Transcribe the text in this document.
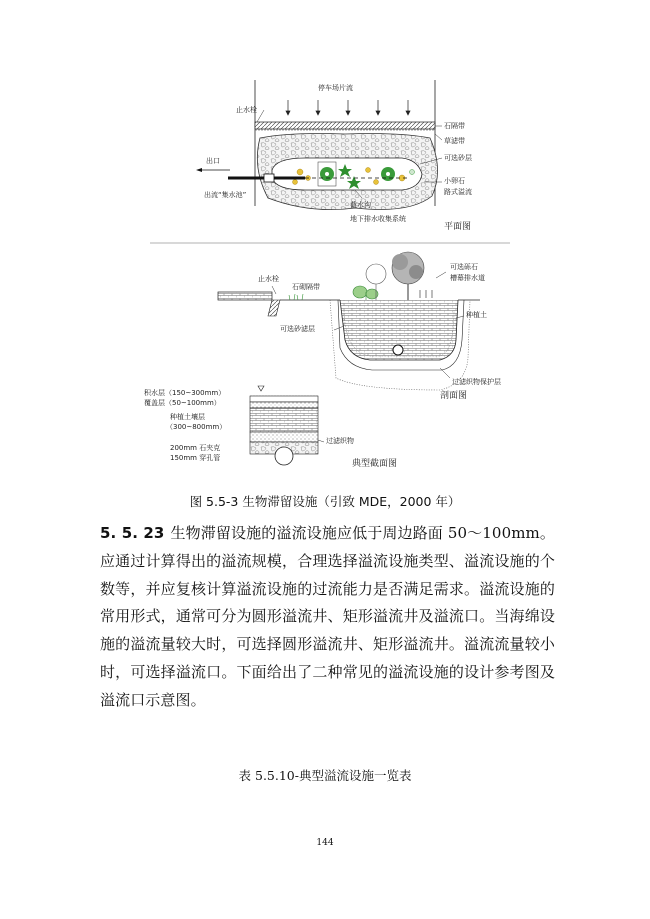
停车场片流
止水栓
石隔带
草滤带
可选砂层
出口
出流“集水池”
小卵石
路式溢流
截水沟
地下排水收集系统
平面图
止水栓
石砌隔带
可选砾石
槽幕排水道
种植土
可选砂滤层
过滤织物保护层
剖面图
积水层（150~300mm）
覆盖层（50~100mm）
种植土壤层
（300~800mm）
200mm 石夹克
150mm 穿孔管
过滤织物
典型截面图
图 5.5-3 生物滞留设施（引致 MDE，2000 年）
5. 5. 23 生物滞留设施的溢流设施应低于周边路面 50～100mm。应通过计算得出的溢流规模，合理选择溢流设施类型、溢流设施的个数等，并应复核计算溢流设施的过流能力是否满足需求。溢流设施的常用形式，通常可分为圆形溢流井、矩形溢流井及溢流口。当海绵设施的溢流量较大时，可选择圆形溢流井、矩形溢流井。溢流流量较小时，可选择溢流口。下面给出了二种常见的溢流设施的设计参考图及溢流口示意图。
表 5.5.10-典型溢流设施一览表
144
